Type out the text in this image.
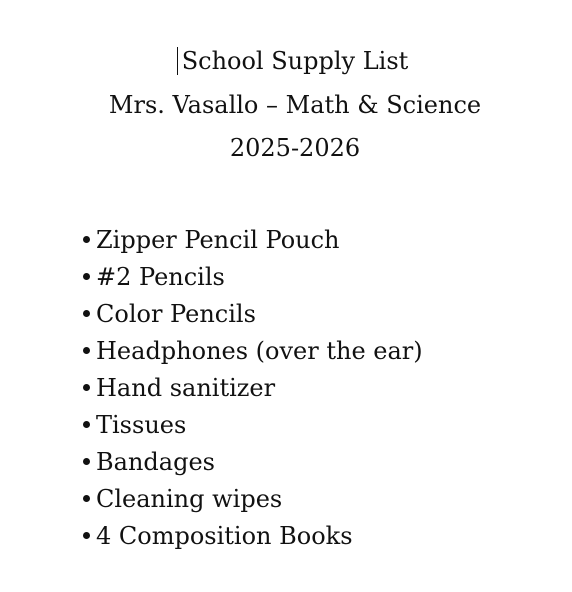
School Supply List
Mrs. Vasallo – Math & Science
2025-2026
Zipper Pencil Pouch
#2 Pencils
Color Pencils
Headphones (over the ear)
Hand sanitizer
Tissues
Bandages
Cleaning wipes
4 Composition Books
